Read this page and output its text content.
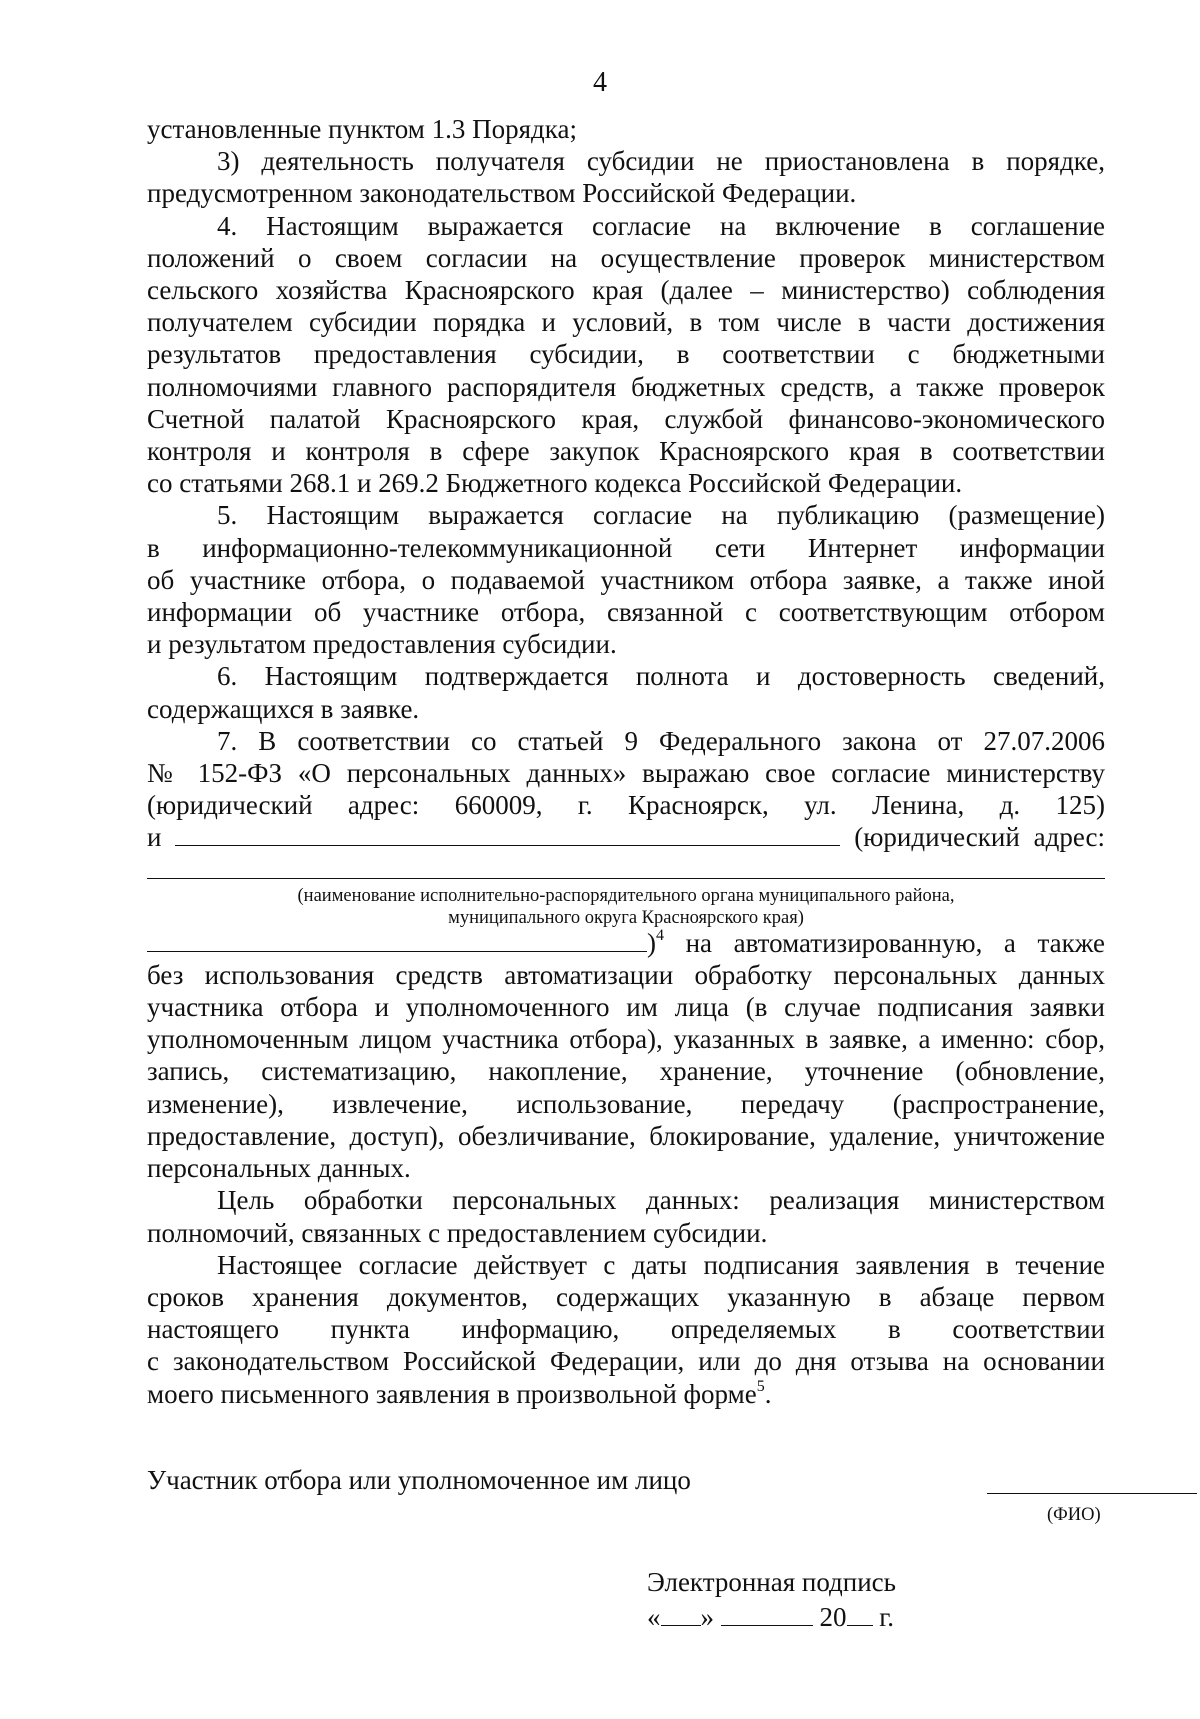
4
установленные пунктом 1.3 Порядка;
3) деятельность получателя субсидии не приостановлена в порядке,
предусмотренном законодательством Российской Федерации.
4. Настоящим выражается согласие на включение в соглашение
положений о своем согласии на осуществление проверок министерством
сельского хозяйства Красноярского края (далее – министерство) соблюдения
получателем субсидии порядка и условий, в том числе в части достижения
результатов предоставления субсидии, в соответствии с бюджетными
полномочиями главного распорядителя бюджетных средств, а также проверок
Счетной палатой Красноярского края, службой финансово-экономического
контроля и контроля в сфере закупок Красноярского края в соответствии
со статьями 268.1 и 269.2 Бюджетного кодекса Российской Федерации.
5. Настоящим выражается согласие на публикацию (размещение)
в информационно-телекоммуникационной сети Интернет информации
об участнике отбора, о подаваемой участником отбора заявке, а также иной
информации об участнике отбора, связанной с соответствующим отбором
и результатом предоставления субсидии.
6. Настоящим подтверждается полнота и достоверность сведений,
содержащихся в заявке.
7. В соответствии со статьей 9 Федерального закона от 27.07.2006
№ 152-ФЗ «О персональных данных» выражаю свое согласие министерству
(юридический адрес: 660009, г. Красноярск, ул. Ленина, д. 125)
и	(юридический адрес:
(наименование исполнительно-распорядительного органа муниципального района,
муниципального округа Красноярского края)
)$^4$ на автоматизированную, а также
без использования средств автоматизации обработку персональных данных
участника отбора и уполномоченного им лица (в случае подписания заявки
уполномоченным лицом участника отбора), указанных в заявке, а именно: сбор,
запись, систематизацию, накопление, хранение, уточнение (обновление,
изменение), извлечение, использование, передачу (распространение,
предоставление, доступ), обезличивание, блокирование, удаление, уничтожение
персональных данных.
Цель обработки персональных данных: реализация министерством
полномочий, связанных с предоставлением субсидии.
Настоящее согласие действует с даты подписания заявления в течение
сроков хранения документов, содержащих указанную в абзаце первом
настоящего пункта информацию, определяемых в соответствии
с законодательством Российской Федерации, или до дня отзыва на основании
моего письменного заявления в произвольной форме$^5$.
Участник отбора или уполномоченное им лицо
(ФИО)
Электронная подпись
« »	20 г.
